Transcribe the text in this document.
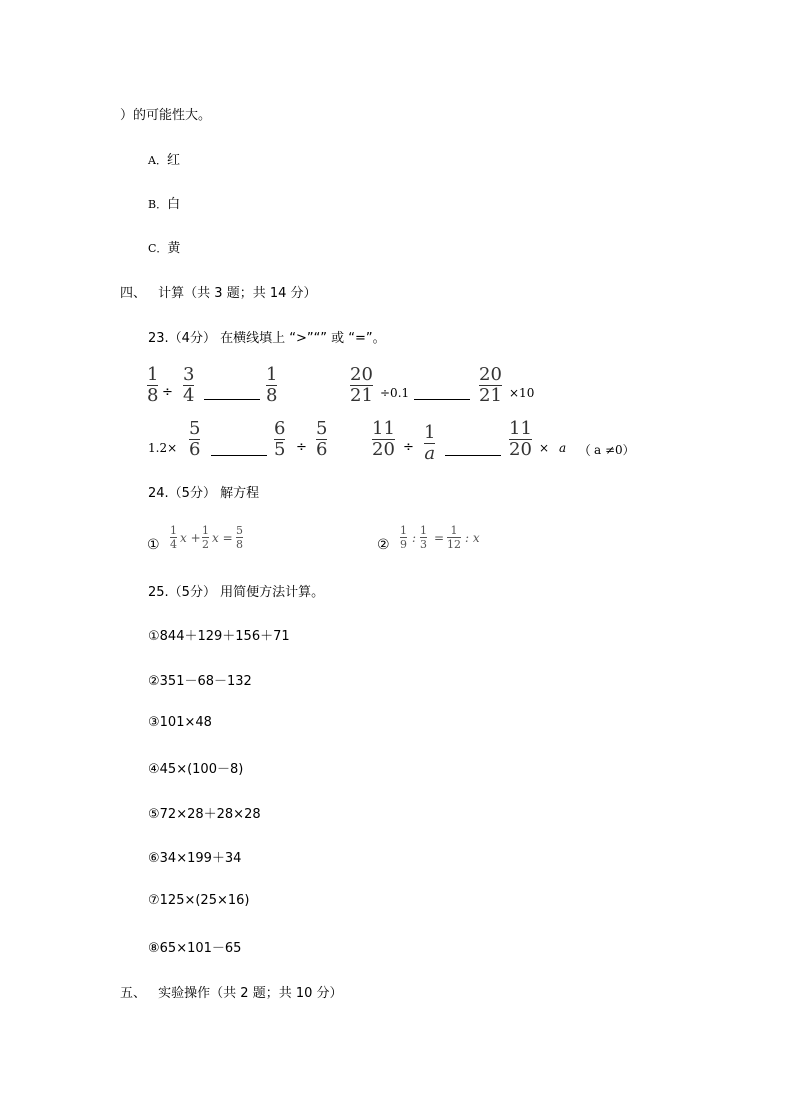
）的可能性大。
A．红
B．白
C．黄
四、 计算（共 3 题；共 14 分）
23.（4分） 在横线填上 “>”“” 或 “=”。
1
8 ÷
3
4
1
8
20
21 ÷0.1
20
21 ×10
1.2×
5
6
6
5 ÷
5
6
11
20 ÷
1
a
11
20 × a （ a ≠0）
24.（5分） 解方程
①
1
4 x +
1
2 x =
5
8	②
1
9 :
1
3 =
1
12 : x
25.（5分） 用简便方法计算。
①844＋129＋156＋71
②351－68－132
③101×48
④45×(100－8)
⑤72×28＋28×28
⑥34×199＋34
⑦125×(25×16)
⑧65×101－65
五、 实验操作（共 2 题；共 10 分）
